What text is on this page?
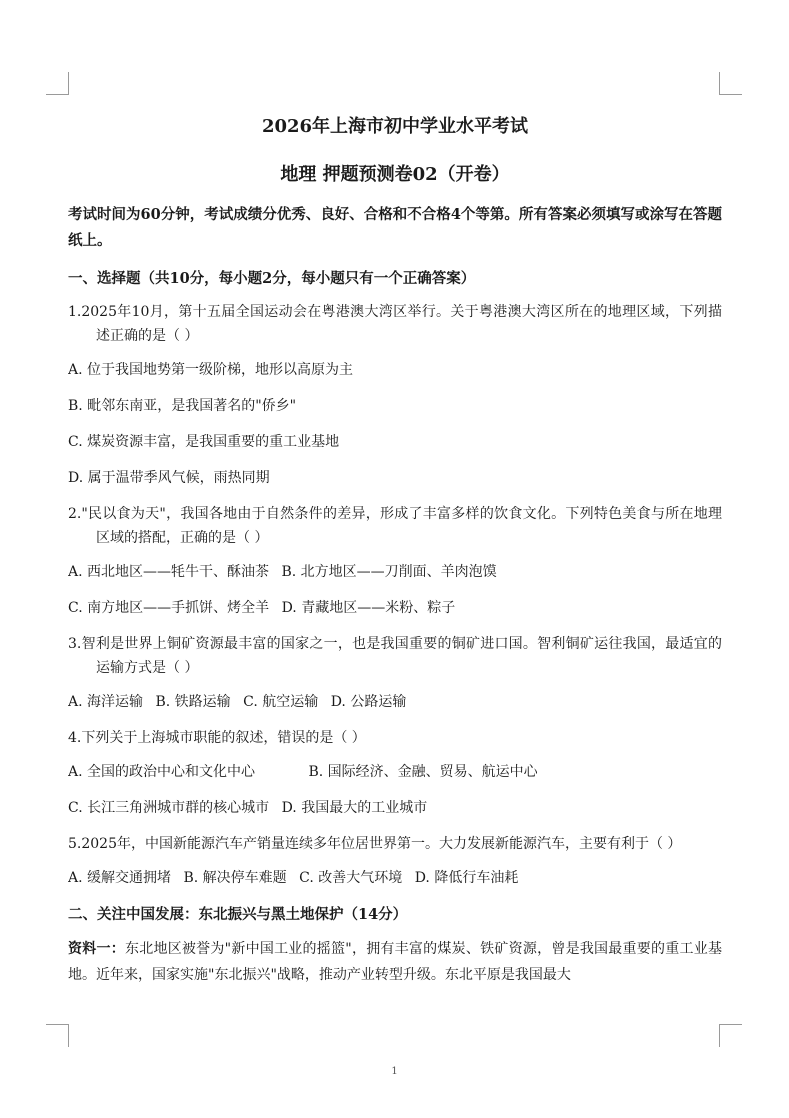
2026年上海市初中学业水平考试
地理 押题预测卷02（开卷）
考试时间为60分钟，考试成绩分优秀、良好、合格和不合格4个等第。所有答案必须填写或涂写在答题纸上。
一、选择题（共10分，每小题2分，每小题只有一个正确答案）
1.2025年10月，第十五届全国运动会在粤港澳大湾区举行。关于粤港澳大湾区所在的地理区域，下列描述正确的是（ ）
A. 位于我国地势第一级阶梯，地形以高原为主
B. 毗邻东南亚，是我国著名的"侨乡"
C. 煤炭资源丰富，是我国重要的重工业基地
D. 属于温带季风气候，雨热同期
2."民以食为天"，我国各地由于自然条件的差异，形成了丰富多样的饮食文化。下列特色美食与所在地理区域的搭配，正确的是（ ）
A. 西北地区——牦牛干、酥油茶 B. 北方地区——刀削面、羊肉泡馍
C. 南方地区——手抓饼、烤全羊 D. 青藏地区——米粉、粽子
3.智利是世界上铜矿资源最丰富的国家之一，也是我国重要的铜矿进口国。智利铜矿运往我国，最适宜的运输方式是（ ）
A. 海洋运输 B. 铁路运输 C. 航空运输 D. 公路运输
4.下列关于上海城市职能的叙述，错误的是（ ）
A. 全国的政治中心和文化中心	B. 国际经济、金融、贸易、航运中心
C. 长江三角洲城市群的核心城市 D. 我国最大的工业城市
5.2025年，中国新能源汽车产销量连续多年位居世界第一。大力发展新能源汽车，主要有利于（ ）
A. 缓解交通拥堵 B. 解决停车难题 C. 改善大气环境 D. 降低行车油耗
二、关注中国发展：东北振兴与黑土地保护（14分）

资料一：东北地区被誉为"新中国工业的摇篮"，拥有丰富的煤炭、铁矿资源，曾是我国最重要的重工业基地。近年来，国家实施"东北振兴"战略，推动产业转型升级。东北平原是我国最大

1
